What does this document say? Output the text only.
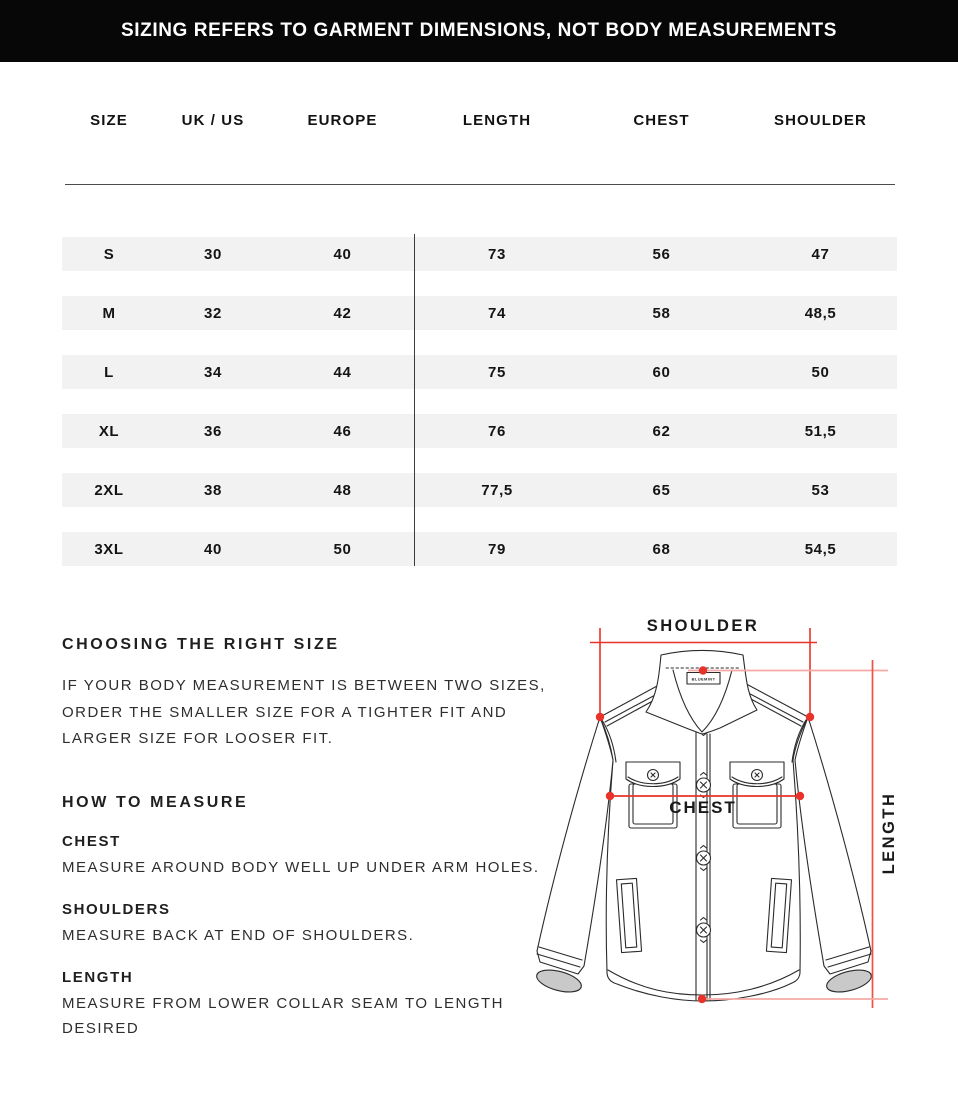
SIZING REFERS TO GARMENT DIMENSIONS, NOT BODY MEASUREMENTS
SIZE	UK / US	EUROPE	LENGTH	CHEST	SHOULDER
S	30	40	73	56	47
M	32	42	74	58	48,5
L	34	44	75	60	50
XL	36	46	76	62	51,5
2XL	38	48	77,5	65	53
3XL	40	50	79	68	54,5
CHOOSING THE RIGHT SIZE

IF YOUR BODY MEASUREMENT IS BETWEEN TWO SIZES, ORDER THE SMALLER SIZE FOR A TIGHTER FIT AND LARGER SIZE FOR LOOSER FIT.

HOW TO MEASURE
CHEST
MEASURE AROUND BODY WELL UP UNDER ARM HOLES.
SHOULDERS
MEASURE BACK AT END OF SHOULDERS.
LENGTH
MEASURE FROM LOWER COLLAR SEAM TO LENGTH DESIRED
BLUEMINT
SHOULDER
CHEST	LENGTH
